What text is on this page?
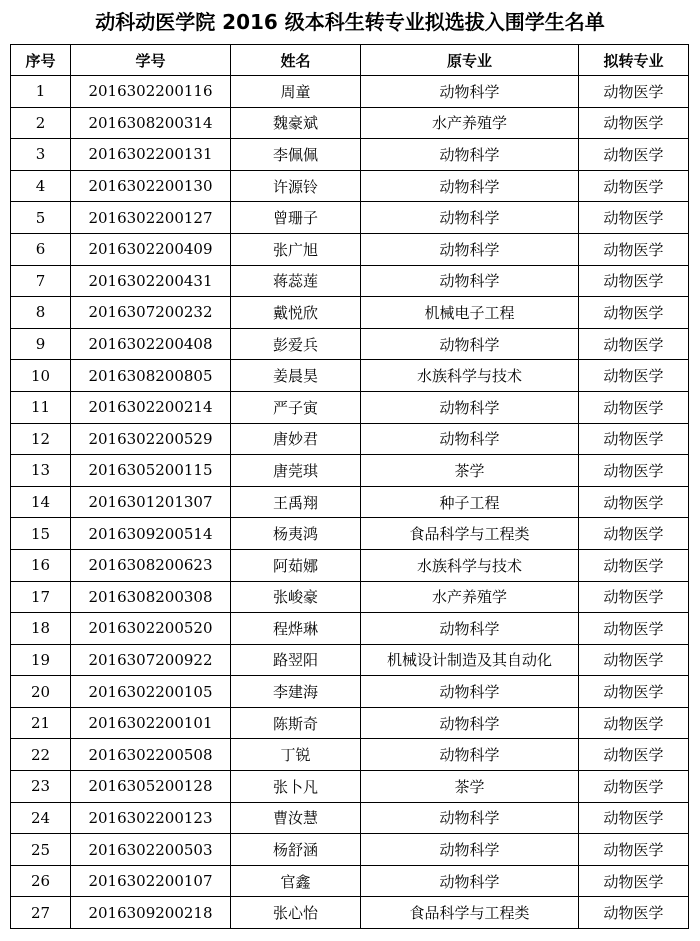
动科动医学院 2016 级本科生转专业拟选拔入围学生名单
序号	学号	姓名	原专业	拟转专业
1	2016302200116	周童	动物科学	动物医学
2	2016308200314	魏豪斌	水产养殖学	动物医学
3	2016302200131	李佩佩	动物科学	动物医学
4	2016302200130	许源铃	动物科学	动物医学
5	2016302200127	曾珊子	动物科学	动物医学
6	2016302200409	张广旭	动物科学	动物医学
7	2016302200431	蒋蕊莲	动物科学	动物医学
8	2016307200232	戴悦欣	机械电子工程	动物医学
9	2016302200408	彭爱兵	动物科学	动物医学
10	2016308200805	姜晨昊	水族科学与技术	动物医学
11	2016302200214	严子寅	动物科学	动物医学
12	2016302200529	唐妙君	动物科学	动物医学
13	2016305200115	唐莞琪	茶学	动物医学
14	2016301201307	王禹翔	种子工程	动物医学
15	2016309200514	杨夷鸿	食品科学与工程类	动物医学
16	2016308200623	阿茹娜	水族科学与技术	动物医学
17	2016308200308	张峻豪	水产养殖学	动物医学
18	2016302200520	程烨琳	动物科学	动物医学
19	2016307200922	路翌阳	机械设计制造及其自动化	动物医学
20	2016302200105	李建海	动物科学	动物医学
21	2016302200101	陈斯奇	动物科学	动物医学
22	2016302200508	丁锐	动物科学	动物医学
23	2016305200128	张卜凡	茶学	动物医学
24	2016302200123	曹汝慧	动物科学	动物医学
25	2016302200503	杨舒涵	动物科学	动物医学
26	2016302200107	官鑫	动物科学	动物医学
27	2016309200218	张心怡	食品科学与工程类	动物医学
